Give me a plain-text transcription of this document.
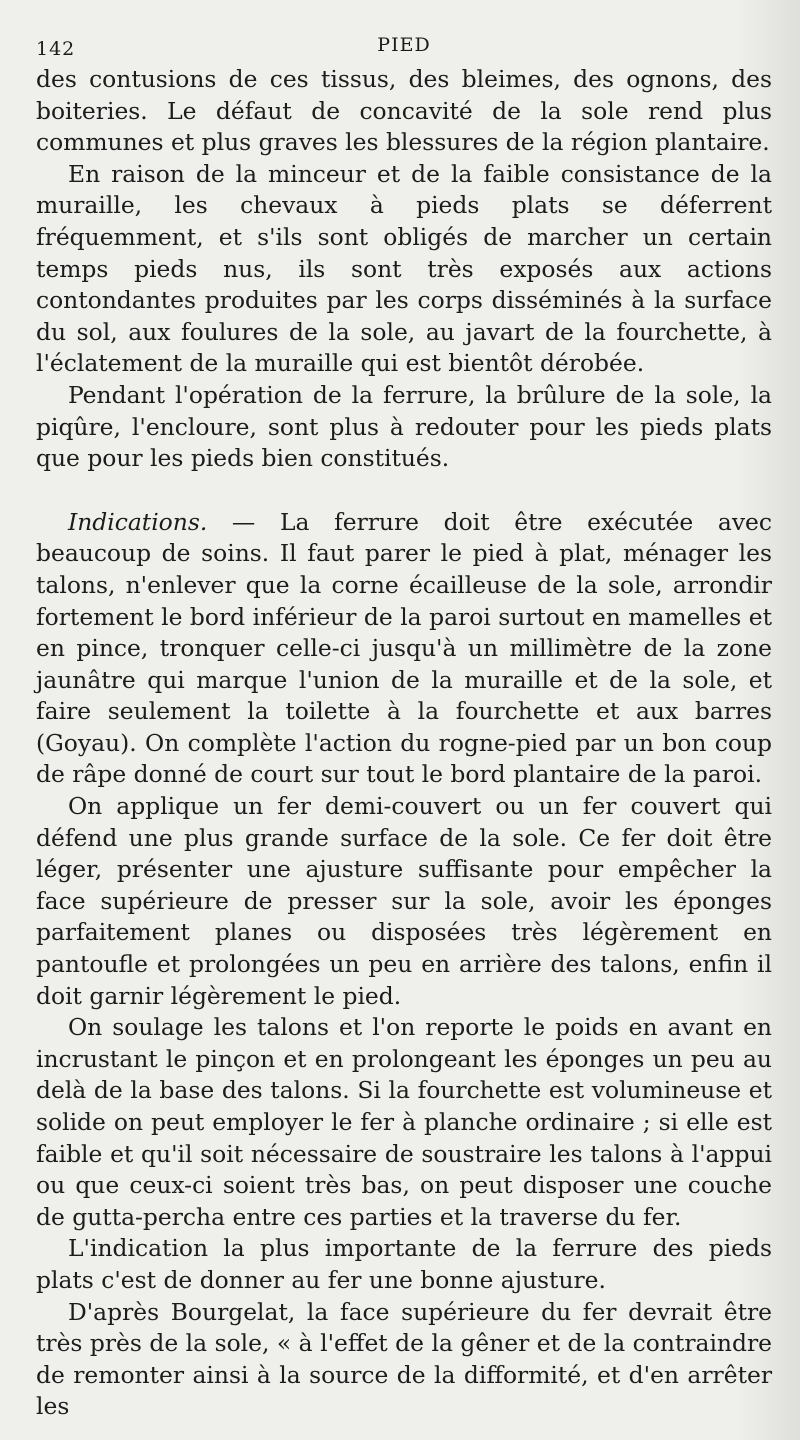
142	PIED

des contusions de ces tissus, des bleimes, des ognons, des boiteries. Le défaut de concavité de la sole rend plus communes et plus graves les blessures de la région plantaire.

En raison de la minceur et de la faible consistance de la muraille, les chevaux à pieds plats se déferrent fréquemment, et s'ils sont obligés de marcher un certain temps pieds nus, ils sont très exposés aux actions contondantes produites par les corps disséminés à la surface du sol, aux foulures de la sole, au javart de la fourchette, à l'éclatement de la muraille qui est bientôt dérobée.

Pendant l'opération de la ferrure, la brûlure de la sole, la piqûre, l'encloure, sont plus à redouter pour les pieds plats que pour les pieds bien constitués.

Indications. — La ferrure doit être exécutée avec beaucoup de soins. Il faut parer le pied à plat, ménager les talons, n'enlever que la corne écailleuse de la sole, arrondir fortement le bord inférieur de la paroi surtout en mamelles et en pince, tronquer celle-ci jusqu'à un millimètre de la zone jaunâtre qui marque l'union de la muraille et de la sole, et faire seulement la toilette à la fourchette et aux barres (Goyau). On complète l'action du rogne-pied par un bon coup de râpe donné de court sur tout le bord plantaire de la paroi.

On applique un fer demi-couvert ou un fer couvert qui défend une plus grande surface de la sole. Ce fer doit être léger, présenter une ajusture suffisante pour empêcher la face supérieure de presser sur la sole, avoir les éponges parfaitement planes ou disposées très légèrement en pantoufle et prolongées un peu en arrière des talons, enfin il doit garnir légèrement le pied.

On soulage les talons et l'on reporte le poids en avant en incrustant le pinçon et en prolongeant les éponges un peu au delà de la base des talons. Si la fourchette est volumineuse et solide on peut employer le fer à planche ordinaire ; si elle est faible et qu'il soit nécessaire de soustraire les talons à l'appui ou que ceux-ci soient très bas, on peut disposer une couche de gutta-percha entre ces parties et la traverse du fer.

L'indication la plus importante de la ferrure des pieds plats c'est de donner au fer une bonne ajusture.

D'après Bourgelat, la face supérieure du fer devrait être très près de la sole, « à l'effet de la gêner et de la contraindre de remonter ainsi à la source de la difformité, et d'en arrêter les
